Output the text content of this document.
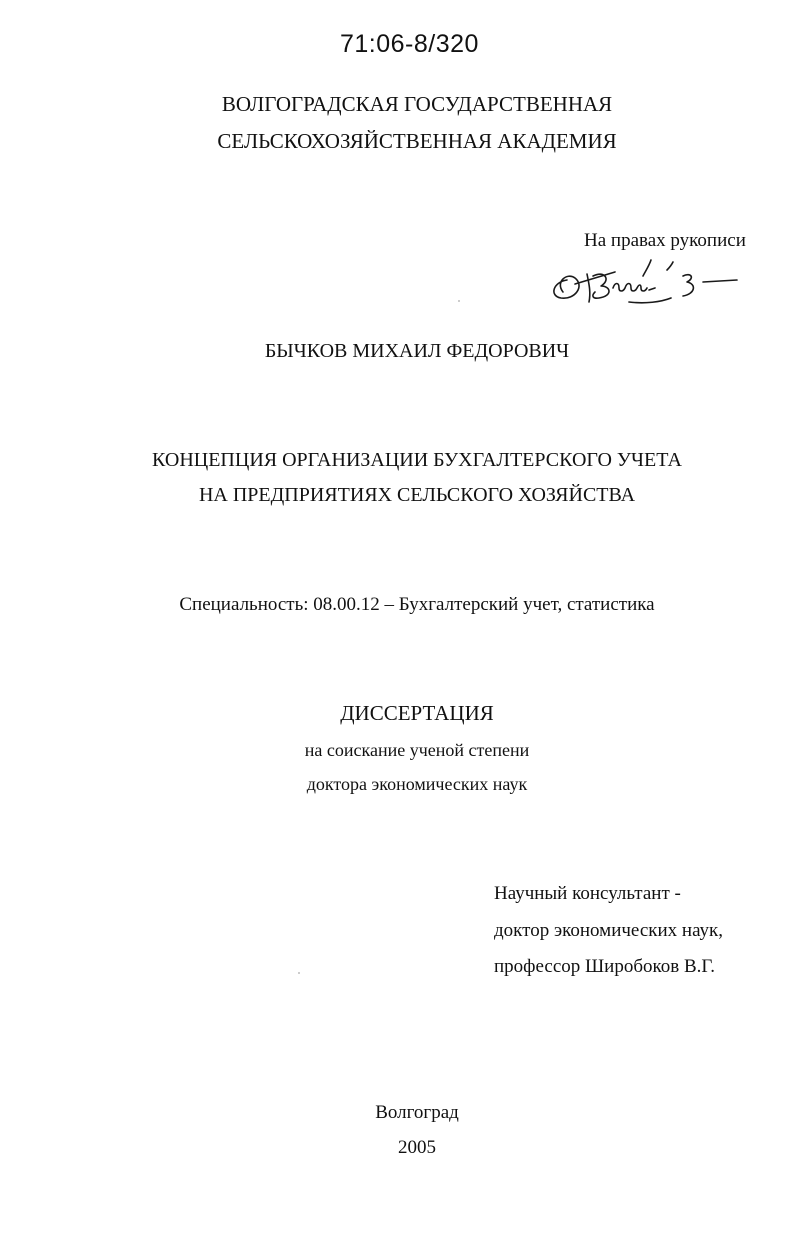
71:06-8/320
ВОЛГОГРАДСКАЯ ГОСУДАРСТВЕННАЯ
СЕЛЬСКОХОЗЯЙСТВЕННАЯ АКАДЕМИЯ
На правах рукописи
БЫЧКОВ МИХАИЛ ФЕДОРОВИЧ
КОНЦЕПЦИЯ ОРГАНИЗАЦИИ БУХГАЛТЕРСКОГО УЧЕТА
НА ПРЕДПРИЯТИЯХ СЕЛЬСКОГО ХОЗЯЙСТВА
Специальность: 08.00.12 – Бухгалтерский учет, статистика
ДИССЕРТАЦИЯ
на соискание ученой степени
доктора экономических наук
Научный консультант -
доктор экономических наук,
профессор Широбоков В.Г.
Волгоград
2005
